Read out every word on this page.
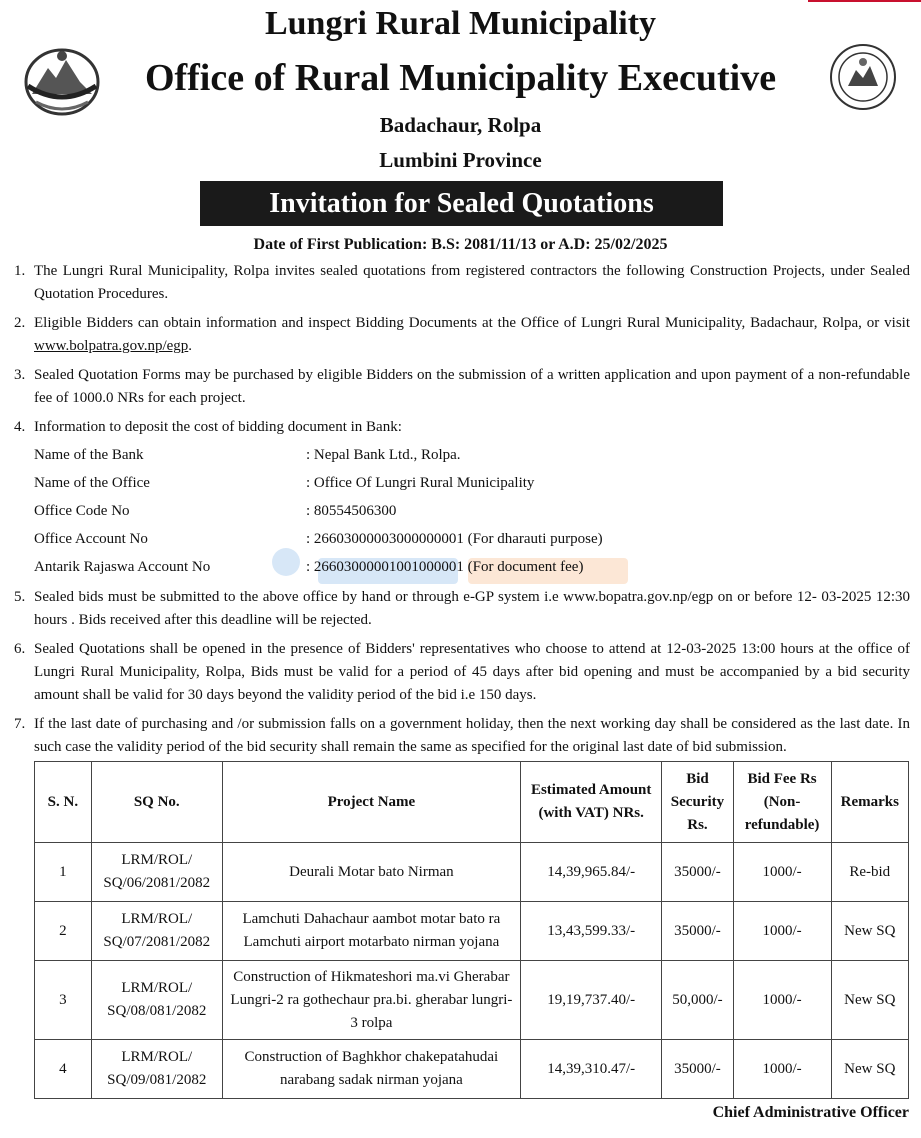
Lungri Rural Municipality
Office of Rural Municipality Executive
Badachaur, Rolpa
Lumbini Province
Invitation for Sealed Quotations
Date of First Publication: B.S: 2081/11/13 or A.D: 25/02/2025
1. The Lungri Rural Municipality, Rolpa invites sealed quotations from registered contractors the following Construction Projects, under Sealed Quotation Procedures.
2. Eligible Bidders can obtain information and inspect Bidding Documents at the Office of Lungri Rural Municipality, Badachaur, Rolpa, or visit www.bolpatra.gov.np/egp.
3. Sealed Quotation Forms may be purchased by eligible Bidders on the submission of a written application and upon payment of a non-refundable fee of 1000.0 NRs for each project.
4. Information to deposit the cost of bidding document in Bank:
Name of the Bank	: Nepal Bank Ltd., Rolpa.
Name of the Office	: Office Of Lungri Rural Municipality
Office Code No	: 80554506300
Office Account No	: 26603000003000000001 (For dharauti purpose)
Antarik Rajaswa Account No	: 26603000001001000001 (For document fee)
5. Sealed bids must be submitted to the above office by hand or through e-GP system i.e www.bopatra.gov.np/egp on or before 12- 03-2025 12:30 hours . Bids received after this deadline will be rejected.
6. Sealed Quotations shall be opened in the presence of Bidders' representatives who choose to attend at 12-03-2025 13:00 hours at the office of Lungri Rural Municipality, Rolpa, Bids must be valid for a period of 45 days after bid opening and must be accompanied by a bid security amount shall be valid for 30 days beyond the validity period of the bid i.e 150 days.
7. If the last date of purchasing and /or submission falls on a government holiday, then the next working day shall be considered as the last date. In such case the validity period of the bid security shall remain the same as specified for the original last date of bid submission.
S. N.	SQ No.	Project Name	Estimated Amount (with VAT) NRs.	Bid Security Rs.	Bid Fee Rs (Non-refundable)	Remarks
1	LRM/ROL/ SQ/06/2081/2082	Deurali Motar bato Nirman	14,39,965.84/-	35000/-	1000/-	Re-bid
2	LRM/ROL/ SQ/07/2081/2082	Lamchuti Dahachaur aambot motar bato ra Lamchuti airport motarbato nirman yojana	13,43,599.33/-	35000/-	1000/-	New SQ
3	LRM/ROL/ SQ/08/081/2082	Construction of Hikmateshori ma.vi Gherabar Lungri-2 ra gothechaur pra.bi. gherabar lungri-3 rolpa	19,19,737.40/-	50,000/-	1000/-	New SQ
4	LRM/ROL/ SQ/09/081/2082	Construction of Baghkhor chakepatahudai narabang sadak nirman yojana	14,39,310.47/-	35000/-	1000/-	New SQ
Chief Administrative Officer
